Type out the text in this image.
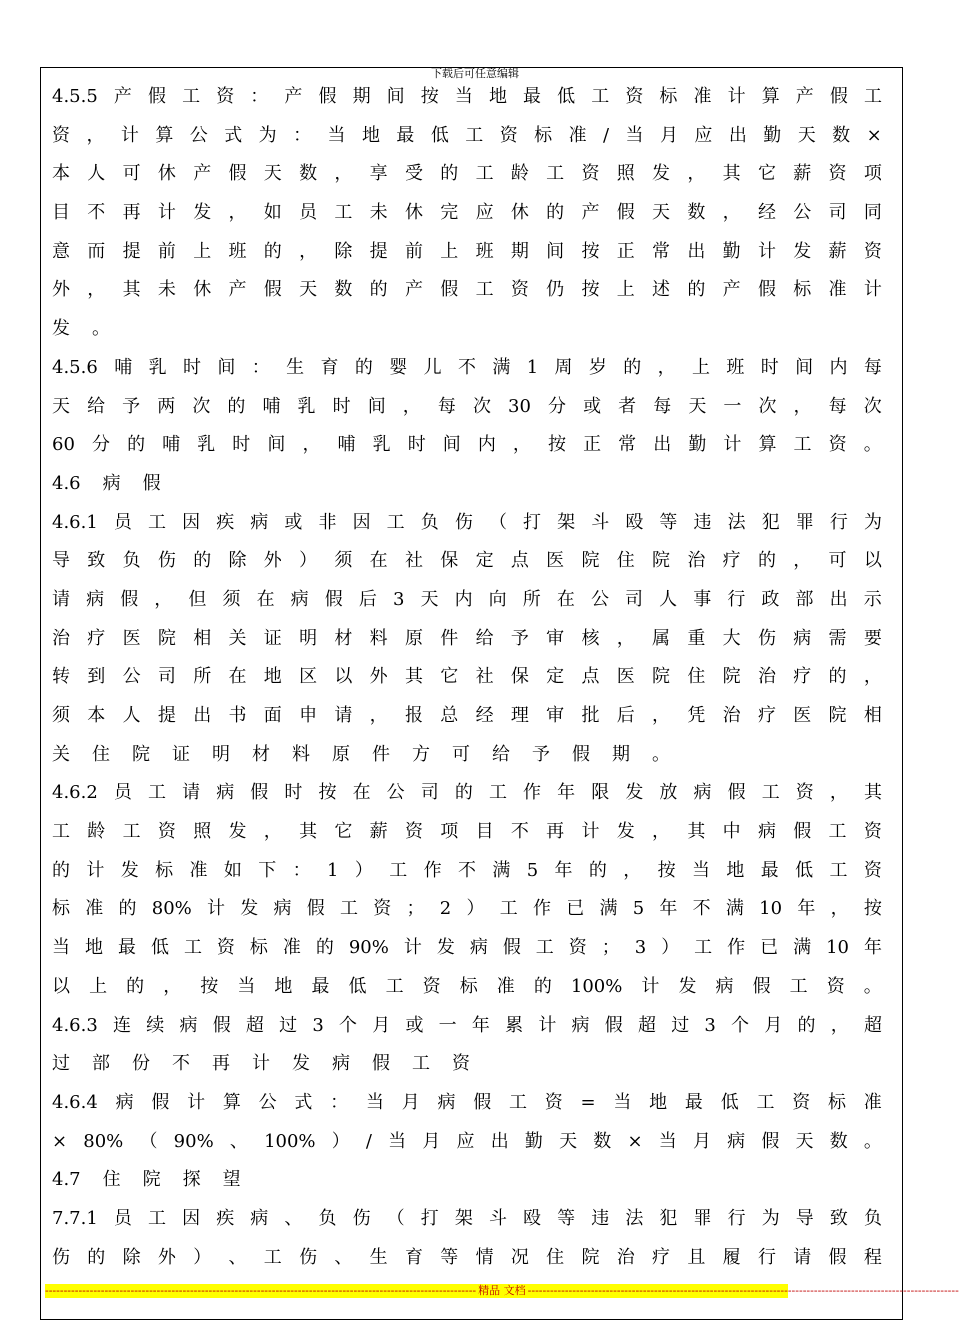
下载后可任意编辑
4.5.5 产 假 工 资 ： 产 假 期 间 按 当 地 最 低 工 资 标 准 计 算 产 假 工
资 ， 计 算 公 式 为 ： 当 地 最 低 工 资 标 准 / 当 月 应 出 勤 天 数 ×
本 人 可 休 产 假 天 数 ， 享 受 的 工 龄 工 资 照 发 ， 其 它 薪 资 项
目 不 再 计 发 ， 如 员 工 未 休 完 应 休 的 产 假 天 数 ， 经 公 司 同
意 而 提 前 上 班 的 ， 除 提 前 上 班 期 间 按 正 常 出 勤 计 发 薪 资
外 ， 其 未 休 产 假 天 数 的 产 假 工 资 仍 按 上 述 的 产 假 标 准 计
发 。
4.5.6 哺 乳 时 间 ： 生 育 的 婴 儿 不 满 1 周 岁 的 ， 上 班 时 间 内 每
天 给 予 两 次 的 哺 乳 时 间 ， 每 次 30 分 或 者 每 天 一 次 ， 每 次
60 分 的 哺 乳 时 间 ， 哺 乳 时 间 内 ， 按 正 常 出 勤 计 算 工 资 。
4.6 病 假
4.6.1 员 工 因 疾 病 或 非 因 工 负 伤 （ 打 架 斗 殴 等 违 法 犯 罪 行 为
导 致 负 伤 的 除 外 ） 须 在 社 保 定 点 医 院 住 院 治 疗 的 ， 可 以
请 病 假 ， 但 须 在 病 假 后 3 天 内 向 所 在 公 司 人 事 行 政 部 出 示
治 疗 医 院 相 关 证 明 材 料 原 件 给 予 审 核 ， 属 重 大 伤 病 需 要
转 到 公 司 所 在 地 区 以 外 其 它 社 保 定 点 医 院 住 院 治 疗 的 ，
须 本 人 提 出 书 面 申 请 ， 报 总 经 理 审 批 后 ， 凭 治 疗 医 院 相
关 住 院 证 明 材 料 原 件 方 可 给 予 假 期 。
4.6.2 员 工 请 病 假 时 按 在 公 司 的 工 作 年 限 发 放 病 假 工 资 ， 其
工 龄 工 资 照 发 ， 其 它 薪 资 项 目 不 再 计 发 ， 其 中 病 假 工 资
的 计 发 标 准 如 下 ： 1 ） 工 作 不 满 5 年 的 ， 按 当 地 最 低 工 资
标 准 的 80% 计 发 病 假 工 资 ； 2 ） 工 作 已 满 5 年 不 满 10 年 ， 按
当 地 最 低 工 资 标 准 的 90% 计 发 病 假 工 资 ； 3 ） 工 作 已 满 10 年
以 上 的 ， 按 当 地 最 低 工 资 标 准 的 100% 计 发 病 假 工 资 。
4.6.3 连 续 病 假 超 过 3 个 月 或 一 年 累 计 病 假 超 过 3 个 月 的 ， 超
过 部 份 不 再 计 发 病 假 工 资
4.6.4 病 假 计 算 公 式 ： 当 月 病 假 工 资 = 当 地 最 低 工 资 标 准
× 80% （ 90% 、 100% ） / 当 月 应 出 勤 天 数 × 当 月 病 假 天 数 。
4.7 住 院 探 望
7.7.1 员 工 因 疾 病 、 负 伤 （ 打 架 斗 殴 等 违 法 犯 罪 行 为 导 致 负
伤 的 除 外 ） 、 工 伤 、 生 育 等 情 况 住 院 治 疗 且 履 行 请 假 程
-------------------------------------------------------------------------------------------------------------------- 精品 文档 --------------------------------------------------------------------------------------------------------------------
